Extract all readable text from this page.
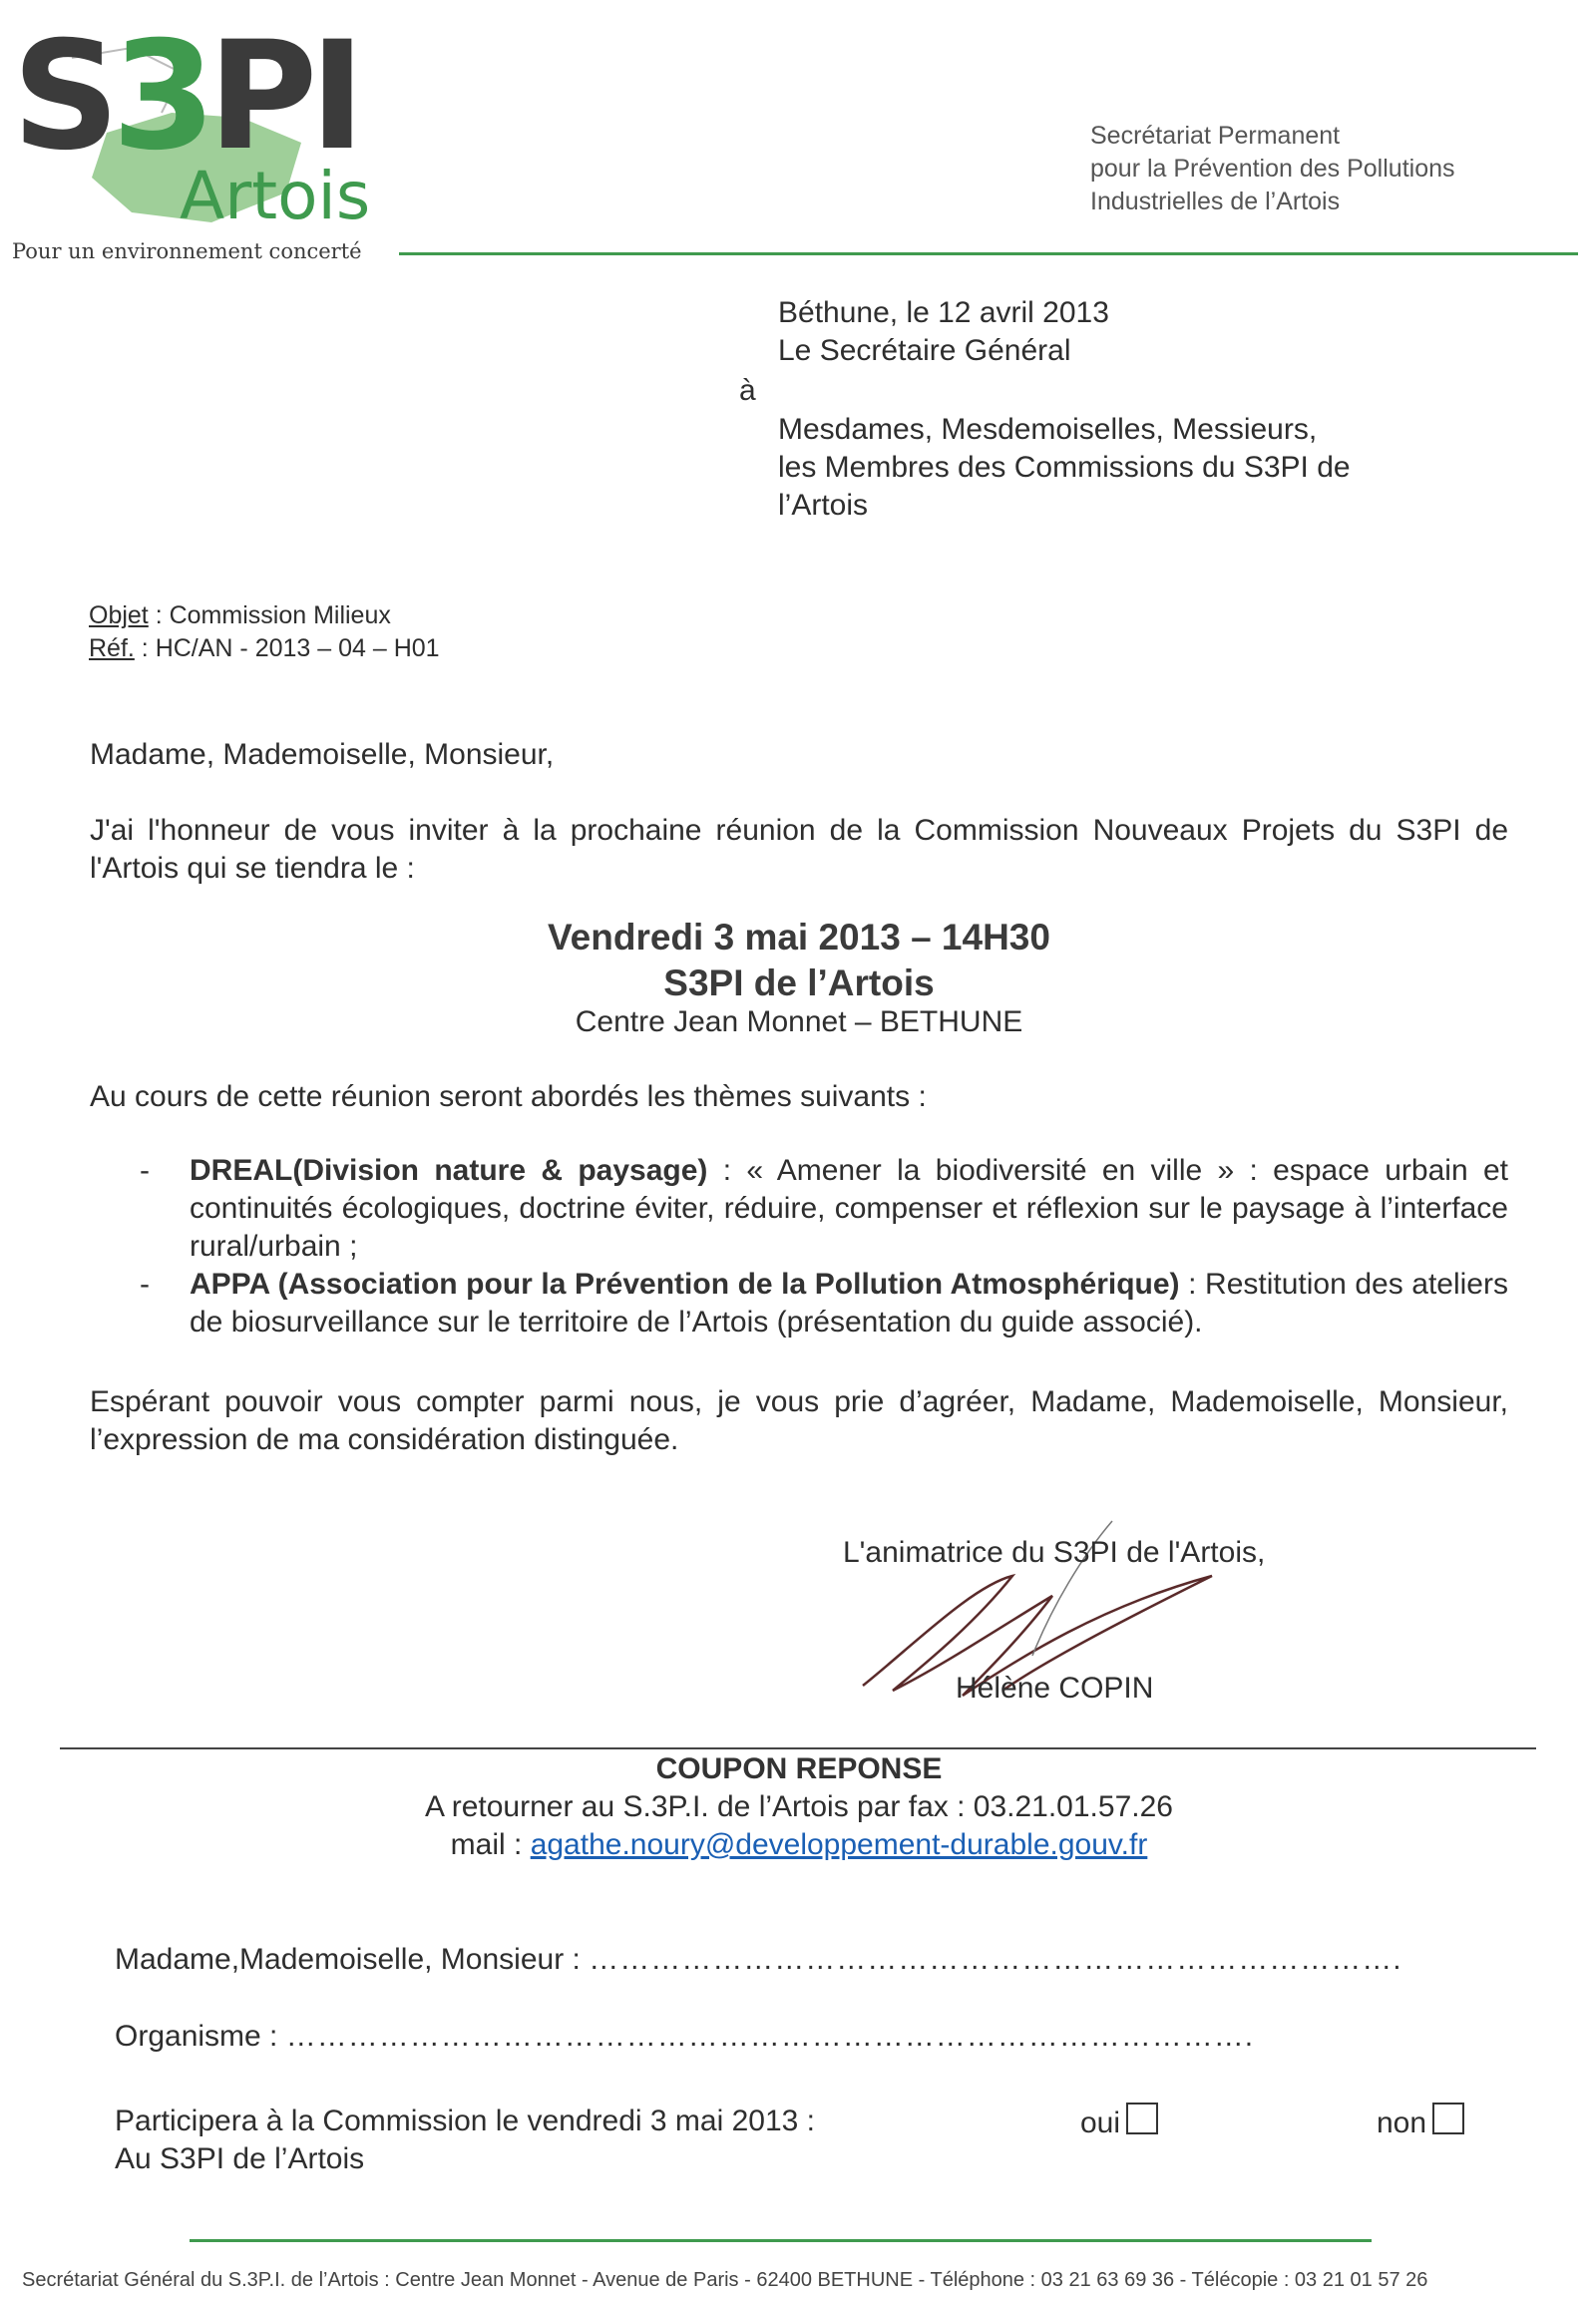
S3PI
Artois
Pour un environnement concerté
Secrétariat Permanent
pour la Prévention des Pollutions
Industrielles de l’Artois
Béthune, le 12 avril 2013
Le Secrétaire Général
à
Mesdames, Mesdemoiselles, Messieurs,
les Membres des Commissions du S3PI de
l’Artois
Objet : Commission Milieux
Réf. : HC/AN - 2013 – 04 – H01
Madame, Mademoiselle, Monsieur,
J'ai l'honneur de vous inviter à la prochaine réunion de la Commission Nouveaux Projets du S3PI de l'Artois qui se tiendra le :
Vendredi 3 mai 2013 – 14H30
S3PI de l’Artois
Centre Jean Monnet – BETHUNE
Au cours de cette réunion seront abordés les thèmes suivants :
- DREAL(Division nature & paysage) : « Amener la biodiversité en ville » : espace urbain et continuités écologiques, doctrine éviter, réduire, compenser et réflexion sur le paysage à l’interface rural/urbain ;
- APPA (Association pour la Prévention de la Pollution Atmosphérique) : Restitution des ateliers de biosurveillance sur le territoire de l’Artois (présentation du guide associé).
Espérant pouvoir vous compter parmi nous, je vous prie d’agréer, Madame, Mademoiselle, Monsieur, l’expression de ma considération distinguée.
L'animatrice du S3PI de l'Artois,
Hélène COPIN
COUPON REPONSE
A retourner au S.3P.I. de l’Artois par fax : 03.21.01.57.26
mail : agathe.noury@developpement-durable.gouv.fr
Madame,Mademoiselle, Monsieur : …………………………………………………………………….
Organisme : ………………………………………………………………………………….
Participera à la Commission le vendredi 3 mai 2013 :
Au S3PI de l’Artois
oui	non
Secrétariat Général du S.3P.I. de l’Artois : Centre Jean Monnet - Avenue de Paris - 62400 BETHUNE - Téléphone : 03 21 63 69 36 - Télécopie : 03 21 01 57 26
